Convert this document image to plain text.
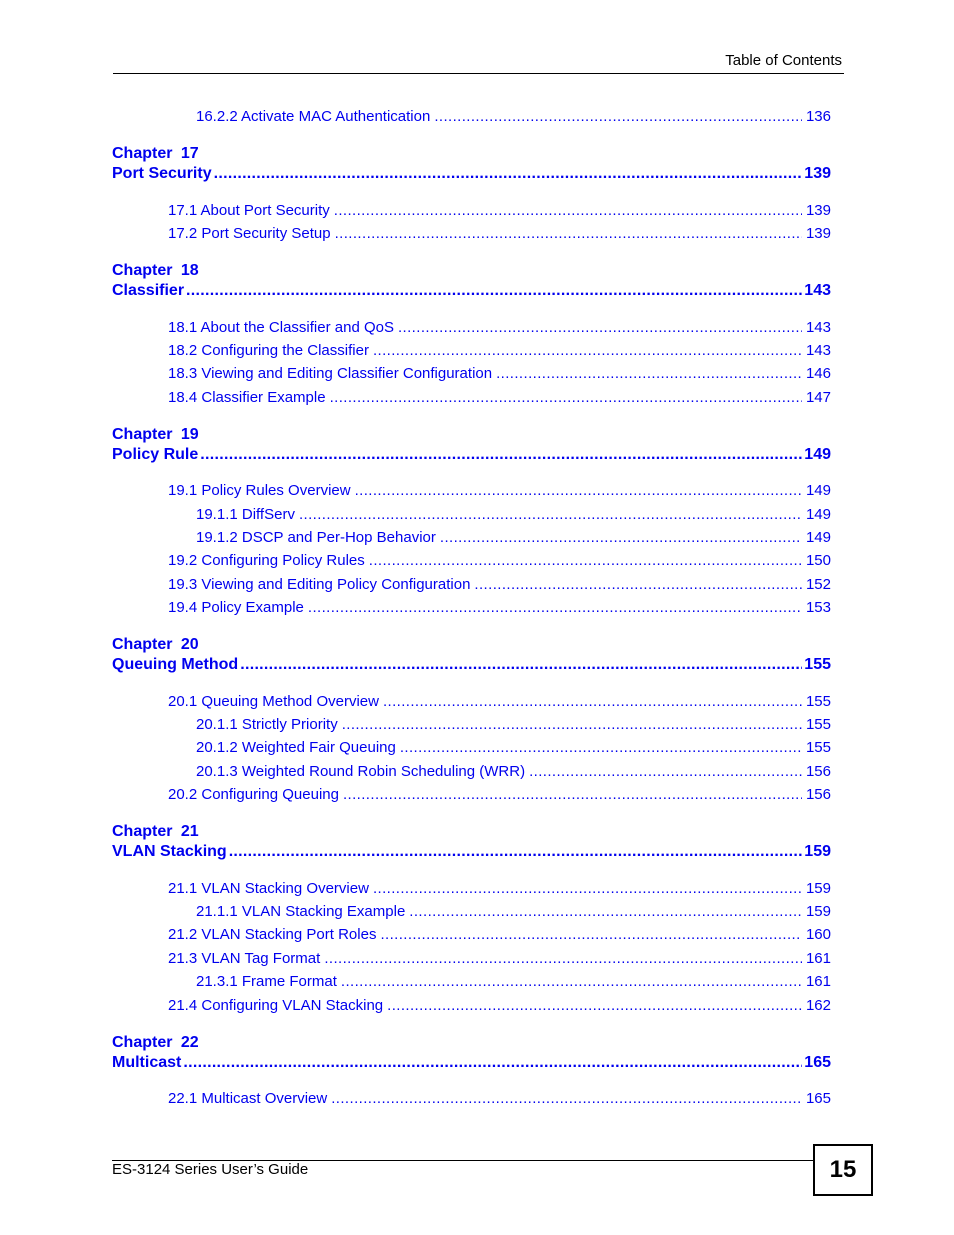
Table of Contents
16.2.2 Activate MAC Authentication .....	136
Chapter 17
Port Security .....	139
17.1 About Port Security .....	139
17.2 Port Security Setup .....	139
Chapter 18
Classifier .....	143
18.1 About the Classifier and QoS .....	143
18.2 Configuring the Classifier .....	143
18.3 Viewing and Editing Classifier Configuration .....	146
18.4 Classifier Example .....	147
Chapter 19
Policy Rule .....	149
19.1 Policy Rules Overview .....	149
19.1.1 DiffServ .....	149
19.1.2 DSCP and Per-Hop Behavior .....	149
19.2 Configuring Policy Rules .....	150
19.3 Viewing and Editing Policy Configuration .....	152
19.4 Policy Example .....	153
Chapter 20
Queuing Method .....	155
20.1 Queuing Method Overview .....	155
20.1.1 Strictly Priority .....	155
20.1.2 Weighted Fair Queuing .....	155
20.1.3 Weighted Round Robin Scheduling (WRR) .....	156
20.2 Configuring Queuing .....	156
Chapter 21
VLAN Stacking .....	159
21.1 VLAN Stacking Overview .....	159
21.1.1 VLAN Stacking Example .....	159
21.2 VLAN Stacking Port Roles .....	160
21.3 VLAN Tag Format .....	161
21.3.1 Frame Format .....	161
21.4 Configuring VLAN Stacking .....	162
Chapter 22
Multicast .....	165
22.1 Multicast Overview .....	165
ES-3124 Series User’s Guide	15
